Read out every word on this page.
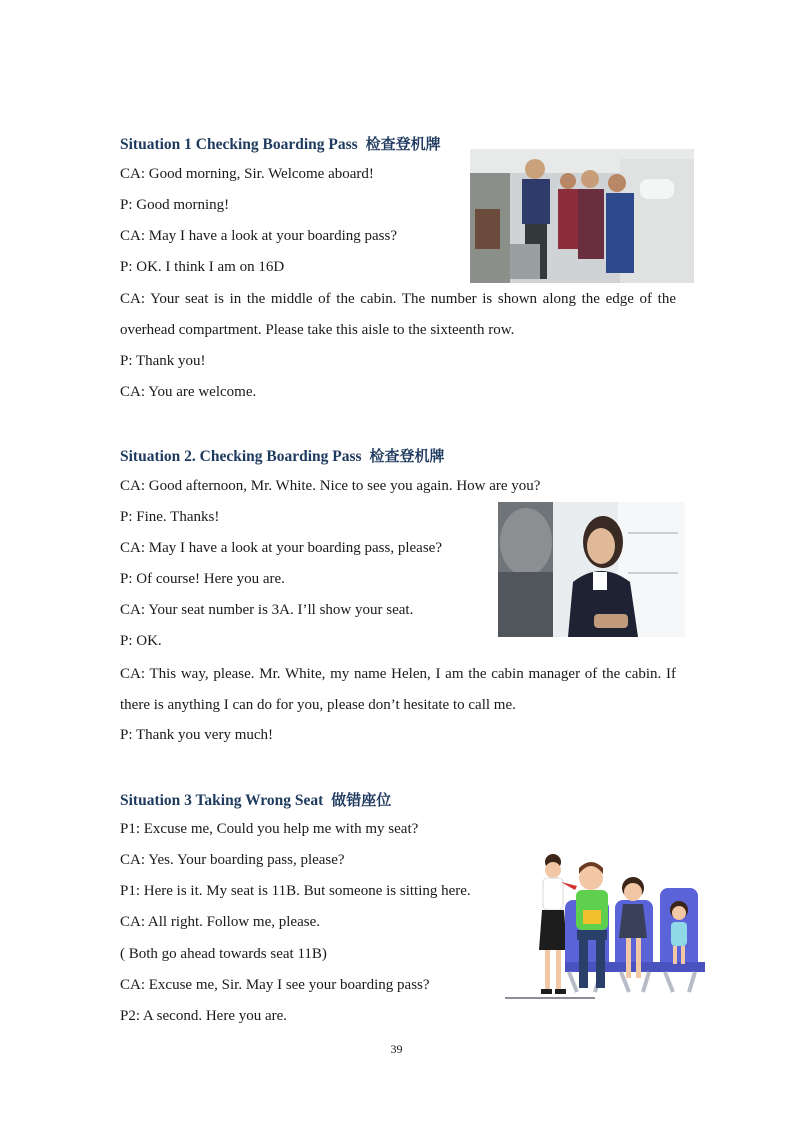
Situation 1 Checking Boarding Pass 检查登机牌
CA: Good morning, Sir. Welcome aboard!
P: Good morning!
CA: May I have a look at your boarding pass?
P: OK. I think I am on 16D
CA: Your seat is in the middle of the cabin. The number is shown along the edge of the overhead compartment. Please take this aisle to the sixteenth row.
P: Thank you!
CA: You are welcome.
Situation 2. Checking Boarding Pass 检查登机牌
CA: Good afternoon, Mr. White. Nice to see you again. How are you?
P: Fine. Thanks!
CA: May I have a look at your boarding pass, please?
P: Of course! Here you are.
CA: Your seat number is 3A. I’ll show your seat.
P: OK.
CA: This way, please. Mr. White, my name Helen, I am the cabin manager of the cabin. If there is anything I can do for you, please don’t hesitate to call me.
P: Thank you very much!
Situation 3 Taking Wrong Seat 做错座位
P1: Excuse me, Could you help me with my seat?
CA: Yes. Your boarding pass, please?
P1: Here is it. My seat is 11B. But someone is sitting here.
CA: All right. Follow me, please.
( Both go ahead towards seat 11B)
CA: Excuse me, Sir. May I see your boarding pass?
P2: A second. Here you are.
39
